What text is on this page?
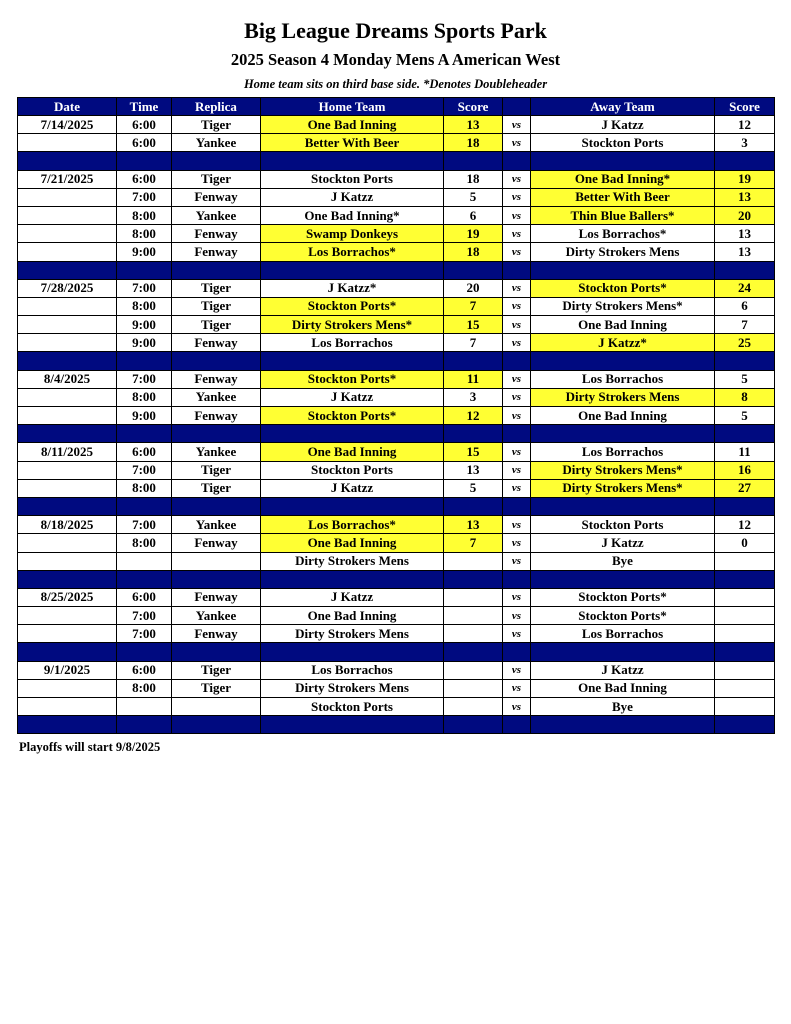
Big League Dreams Sports Park
2025 Season 4 Monday Mens A American West
Home team sits on third base side. *Denotes Doubleheader
Date	Time	Replica	Home Team	Score		Away Team	Score
7/14/2025	6:00	Tiger	One Bad Inning	13	vs	J Katzz	12
	6:00	Yankee	Better With Beer	18	vs	Stockton Ports	3

7/21/2025	6:00	Tiger	Stockton Ports	18	vs	One Bad Inning*	19
	7:00	Fenway	J Katzz	5	vs	Better With Beer	13
	8:00	Yankee	One Bad Inning*	6	vs	Thin Blue Ballers*	20
	8:00	Fenway	Swamp Donkeys	19	vs	Los Borrachos*	13
	9:00	Fenway	Los Borrachos*	18	vs	Dirty Strokers Mens	13

7/28/2025	7:00	Tiger	J Katzz*	20	vs	Stockton Ports*	24
	8:00	Tiger	Stockton Ports*	7	vs	Dirty Strokers Mens*	6
	9:00	Tiger	Dirty Strokers Mens*	15	vs	One Bad Inning	7
	9:00	Fenway	Los Borrachos	7	vs	J Katzz*	25

8/4/2025	7:00	Fenway	Stockton Ports*	11	vs	Los Borrachos	5
	8:00	Yankee	J Katzz	3	vs	Dirty Strokers Mens	8
	9:00	Fenway	Stockton Ports*	12	vs	One Bad Inning	5

8/11/2025	6:00	Yankee	One Bad Inning	15	vs	Los Borrachos	11
	7:00	Tiger	Stockton Ports	13	vs	Dirty Strokers Mens*	16
	8:00	Tiger	J Katzz	5	vs	Dirty Strokers Mens*	27

8/18/2025	7:00	Yankee	Los Borrachos*	13	vs	Stockton Ports	12
	8:00	Fenway	One Bad Inning	7	vs	J Katzz	0
			Dirty Strokers Mens		vs	Bye	

8/25/2025	6:00	Fenway	J Katzz		vs	Stockton Ports*	
	7:00	Yankee	One Bad Inning		vs	Stockton Ports*	
	7:00	Fenway	Dirty Strokers Mens		vs	Los Borrachos	

9/1/2025	6:00	Tiger	Los Borrachos		vs	J Katzz	
	8:00	Tiger	Dirty Strokers Mens		vs	One Bad Inning	
			Stockton Ports		vs	Bye	

Playoffs will start 9/8/2025
